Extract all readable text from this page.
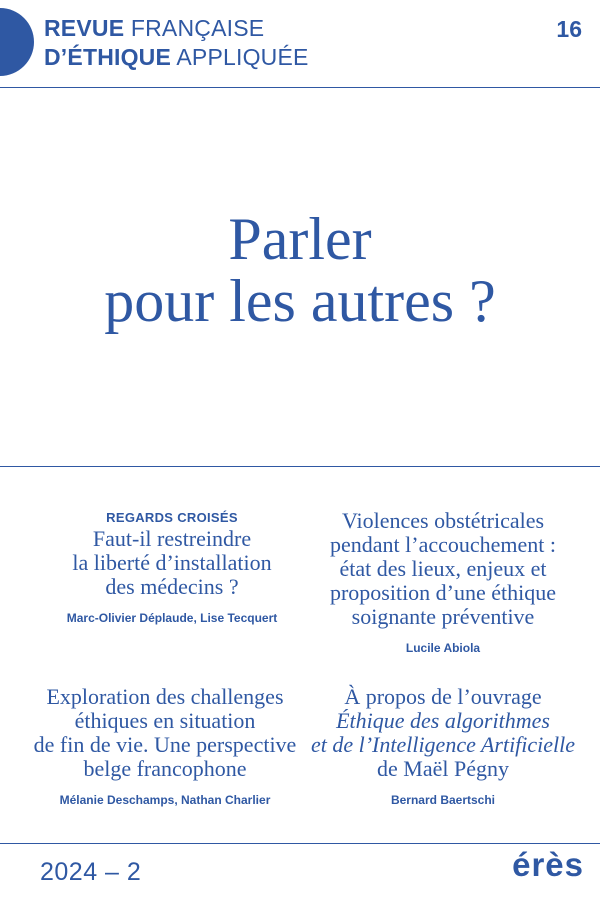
REVUE FRANÇAISE
D’ÉTHIQUE APPLIQUÉE
16
Parler
pour les autres ?
REGARDS CROISÉS
Faut-il restreindre
la liberté d’installation
des médecins ?
Marc-Olivier Déplaude, Lise Tecquert
Violences obstétricales
pendant l’accouchement :
état des lieux, enjeux et
proposition d’une éthique
soignante préventive
Lucile Abiola
Exploration des challenges
éthiques en situation
de fin de vie. Une perspective
belge francophone
Mélanie Deschamps, Nathan Charlier
À propos de l’ouvrage
Éthique des algorithmes
et de l’Intelligence Artificielle
de Maël Pégny
Bernard Baertschi
2024 – 2	érès
